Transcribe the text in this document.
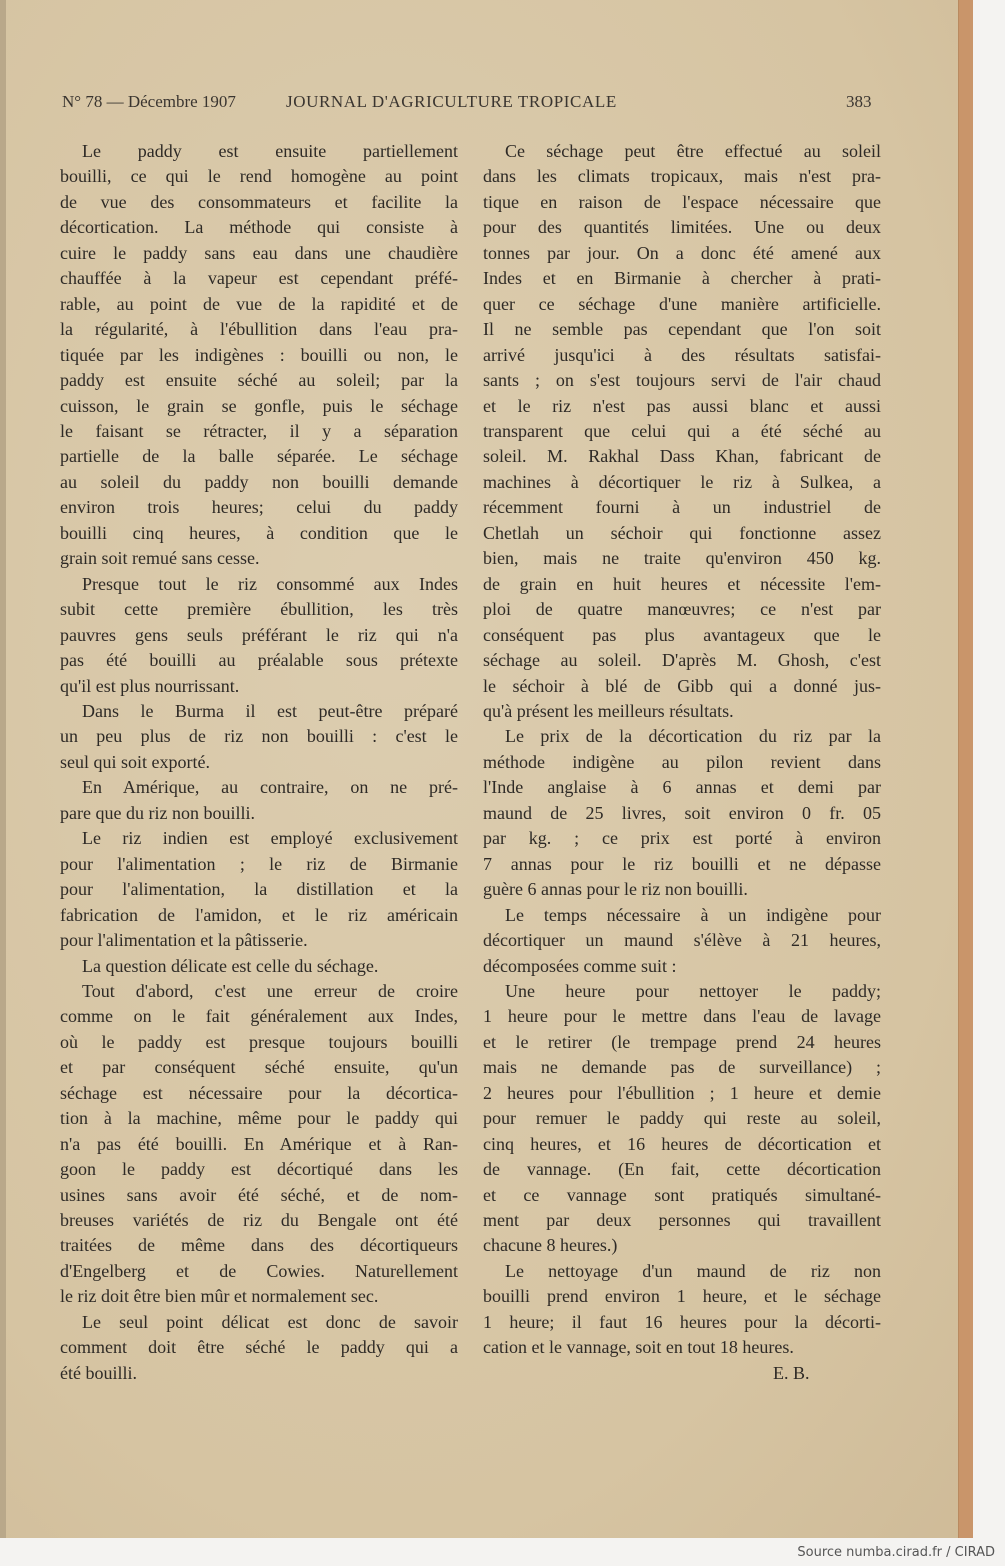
N° 78 — Décembre 1907	JOURNAL D'AGRICULTURE TROPICALE	383
Le paddy est ensuite partiellement
bouilli, ce qui le rend homogène au point
de vue des consommateurs et facilite la
décortication. La méthode qui consiste à
cuire le paddy sans eau dans une chaudière
chauffée à la vapeur est cependant préfé-
rable, au point de vue de la rapidité et de
la régularité, à l'ébullition dans l'eau pra-
tiquée par les indigènes : bouilli ou non, le
paddy est ensuite séché au soleil; par la
cuisson, le grain se gonfle, puis le séchage
le faisant se rétracter, il y a séparation
partielle de la balle séparée. Le séchage
au soleil du paddy non bouilli demande
environ trois heures; celui du paddy
bouilli cinq heures, à condition que le
grain soit remué sans cesse.
Presque tout le riz consommé aux Indes
subit cette première ébullition, les très
pauvres gens seuls préférant le riz qui n'a
pas été bouilli au préalable sous prétexte
qu'il est plus nourrissant.
Dans le Burma il est peut-être préparé
un peu plus de riz non bouilli : c'est le
seul qui soit exporté.
En Amérique, au contraire, on ne pré-
pare que du riz non bouilli.
Le riz indien est employé exclusivement
pour l'alimentation ; le riz de Birmanie
pour l'alimentation, la distillation et la
fabrication de l'amidon, et le riz américain
pour l'alimentation et la pâtisserie.
La question délicate est celle du séchage.
Tout d'abord, c'est une erreur de croire
comme on le fait généralement aux Indes,
où le paddy est presque toujours bouilli
et par conséquent séché ensuite, qu'un
séchage est nécessaire pour la décortica-
tion à la machine, même pour le paddy qui
n'a pas été bouilli. En Amérique et à Ran-
goon le paddy est décortiqué dans les
usines sans avoir été séché, et de nom-
breuses variétés de riz du Bengale ont été
traitées de même dans des décortiqueurs
d'Engelberg et de Cowies. Naturellement
le riz doit être bien mûr et normalement sec.
Le seul point délicat est donc de savoir
comment doit être séché le paddy qui a
été bouilli.
Ce séchage peut être effectué au soleil
dans les climats tropicaux, mais n'est pra-
tique en raison de l'espace nécessaire que
pour des quantités limitées. Une ou deux
tonnes par jour. On a donc été amené aux
Indes et en Birmanie à chercher à prati-
quer ce séchage d'une manière artificielle.
Il ne semble pas cependant que l'on soit
arrivé jusqu'ici à des résultats satisfai-
sants ; on s'est toujours servi de l'air chaud
et le riz n'est pas aussi blanc et aussi
transparent que celui qui a été séché au
soleil. M. Rakhal Dass Khan, fabricant de
machines à décortiquer le riz à Sulkea, a
récemment fourni à un industriel de
Chetlah un séchoir qui fonctionne assez
bien, mais ne traite qu'environ 450 kg.
de grain en huit heures et nécessite l'em-
ploi de quatre manœuvres; ce n'est par
conséquent pas plus avantageux que le
séchage au soleil. D'après M. Ghosh, c'est
le séchoir à blé de Gibb qui a donné jus-
qu'à présent les meilleurs résultats.
Le prix de la décortication du riz par la
méthode indigène au pilon revient dans
l'Inde anglaise à 6 annas et demi par
maund de 25 livres, soit environ 0 fr. 05
par kg. ; ce prix est porté à environ
7 annas pour le riz bouilli et ne dépasse
guère 6 annas pour le riz non bouilli.
Le temps nécessaire à un indigène pour
décortiquer un maund s'élève à 21 heures,
décomposées comme suit :
Une heure pour nettoyer le paddy;
1 heure pour le mettre dans l'eau de lavage
et le retirer (le trempage prend 24 heures
mais ne demande pas de surveillance) ;
2 heures pour l'ébullition ; 1 heure et demie
pour remuer le paddy qui reste au soleil,
cinq heures, et 16 heures de décortication et
de vannage. (En fait, cette décortication
et ce vannage sont pratiqués simultané-
ment par deux personnes qui travaillent
chacune 8 heures.)
Le nettoyage d'un maund de riz non
bouilli prend environ 1 heure, et le séchage
1 heure; il faut 16 heures pour la décorti-
cation et le vannage, soit en tout 18 heures.
E. B.
Source numba.cirad.fr / CIRAD
